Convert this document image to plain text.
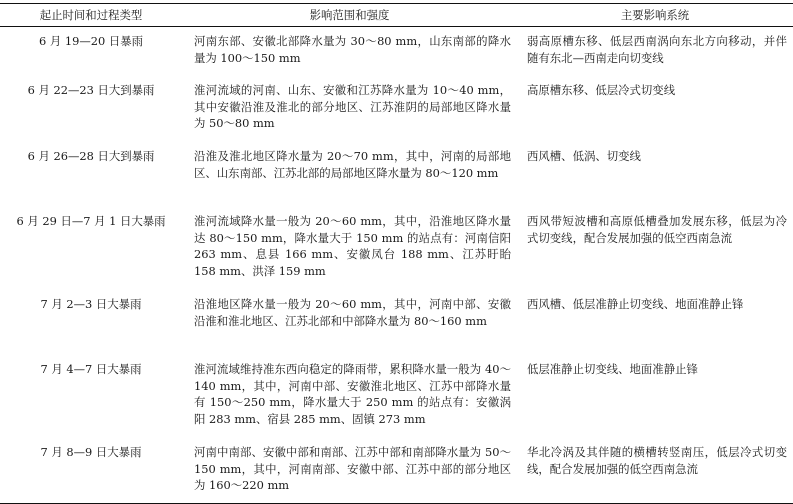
起止时间和过程类型	影响范围和强度	主要影响系统
6 月 19—20 日暴雨	河南东部、安徽北部降水量为 30～80 mm，山东南部的降水量为 100～150 mm	弱高原槽东移、低层西南涡向东北方向移动，并伴随有东北—西南走向切变线
6 月 22—23 日大到暴雨	淮河流域的河南、山东、安徽和江苏降水量为 10～40 mm，其中安徽沿淮及淮北的部分地区、江苏淮阴的局部地区降水量为 50～80 mm	高原槽东移、低层冷式切变线
6 月 26—28 日大到暴雨	沿淮及淮北地区降水量为 20～70 mm，其中，河南的局部地区、山东南部、江苏北部的局部地区降水量为 80～120 mm	西风槽、低涡、切变线
6 月 29 日—7 月 1 日大暴雨	淮河流域降水量一般为 20～60 mm，其中，沿淮地区降水量达 80～150 mm，降水量大于 150 mm 的站点有：河南信阳 263 mm、息县 166 mm、安徽凤台 188 mm、江苏盱眙 158 mm、洪泽 159 mm	西风带短波槽和高原低槽叠加发展东移，低层为冷式切变线，配合发展加强的低空西南急流
7 月 2—3 日大暴雨	沿淮地区降水量一般为 20～60 mm，其中，河南中部、安徽沿淮和淮北地区、江苏北部和中部降水量为 80～160 mm	西风槽、低层准静止切变线、地面准静止锋
7 月 4—7 日大暴雨	淮河流域维持准东西向稳定的降雨带，累积降水量一般为 40～140 mm，其中，河南中部、安徽淮北地区、江苏中部降水量有 150～250 mm，降水量大于 250 mm 的站点有：安徽涡阳 283 mm、宿县 285 mm、固镇 273 mm	低层准静止切变线、地面准静止锋
7 月 8—9 日大暴雨	河南中南部、安徽中部和南部、江苏中部和南部降水量为 50～150 mm，其中，河南南部、安徽中部、江苏中部的部分地区为 160～220 mm	华北冷涡及其伴随的横槽转竖南压，低层冷式切变线，配合发展加强的低空西南急流
